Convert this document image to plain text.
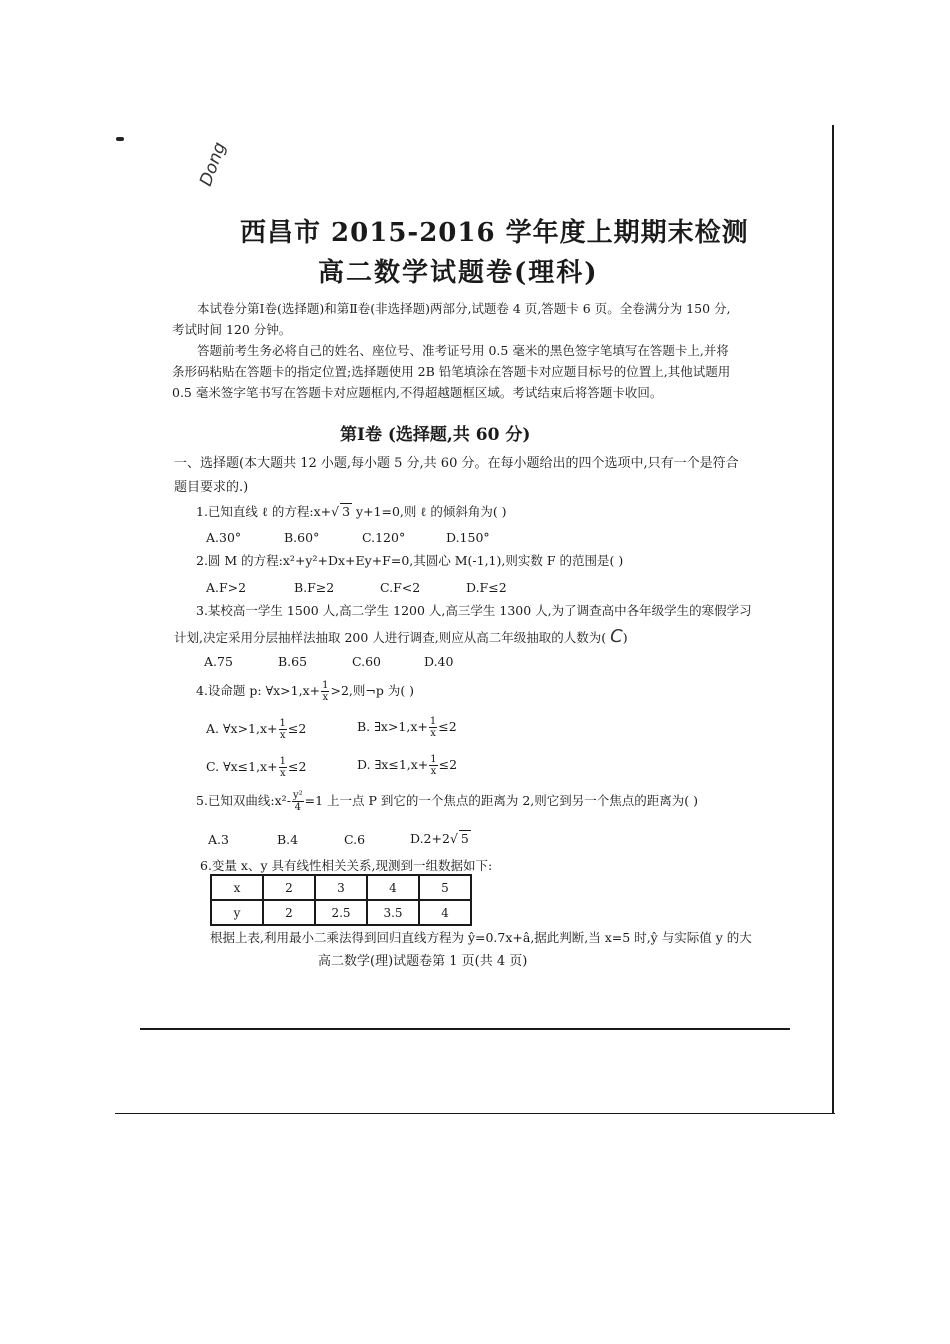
Dong
西昌市 2015-2016 学年度上期期末检测
高二数学试题卷(理科)

本试卷分第Ⅰ卷(选择题)和第Ⅱ卷(非选择题)两部分,试题卷 4 页,答题卡 6 页。全卷满分为 150 分,考试时间 120 分钟。

答题前考生务必将自己的姓名、座位号、准考证号用 0.5 毫米的黑色签字笔填写在答题卡上,并将条形码粘贴在答题卡的指定位置;选择题使用 2B 铅笔填涂在答题卡对应题目标号的位置上,其他试题用 0.5 毫米签字笔书写在答题卡对应题框内,不得超越题框区域。考试结束后将答题卡收回。

第Ⅰ卷 (选择题,共 60 分)
一、选择题(本大题共 12 小题,每小题 5 分,共 60 分。在每小题给出的四个选项中,只有一个是符合题目要求的.)
1.已知直线 ℓ 的方程:x+√ 3 y+1=0,则 ℓ 的倾斜角为( )
A.30°	B.60°	C.120°	D.150°
2.圆 M 的方程:x²+y²+Dx+Ey+F=0,其圆心 M(-1,1),则实数 F 的范围是( )
A.F>2	B.F≥2	C.F<2	D.F≤2
3.某校高一学生 1500 人,高二学生 1200 人,高三学生 1300 人,为了调查高中各年级学生的寒假学习
计划,决定采用分层抽样法抽取 200 人进行调查,则应从高二年级抽取的人数为( C)
A.75	B.65	C.60	D.40
4.设命题 p: ∀x>1,x+ $\frac{1}{x} >2$,则¬p 为( )
A. ∀x>1,x+ $\frac{1}{x} \le 2$	B. ∃x>1,x+ $\frac{1}{x} \le 2$
C. ∀x≤1,x+ $\frac{1}{x} \le 2$	D. ∃x≤1,x+ $\frac{1}{x} \le 2$
5.已知双曲线:x²- $\frac{\text{y²}}{4} =1$ 上一点 P 到它的一个焦点的距离为 2,则它到另一个焦点的距离为( )
A.3	B.4	C.6	D.2+2√ 5
6.变量 x、y 具有线性相关关系,现测到一组数据如下:
x	2	3	4	5
y	2	2.5	3.5	4
根据上表,利用最小二乘法得到回归直线方程为 ŷ=0.7x+â,据此判断,当 x=5 时,ŷ 与实际值 y 的大
高二数学(理)试题卷第 1 页(共 4 页)
